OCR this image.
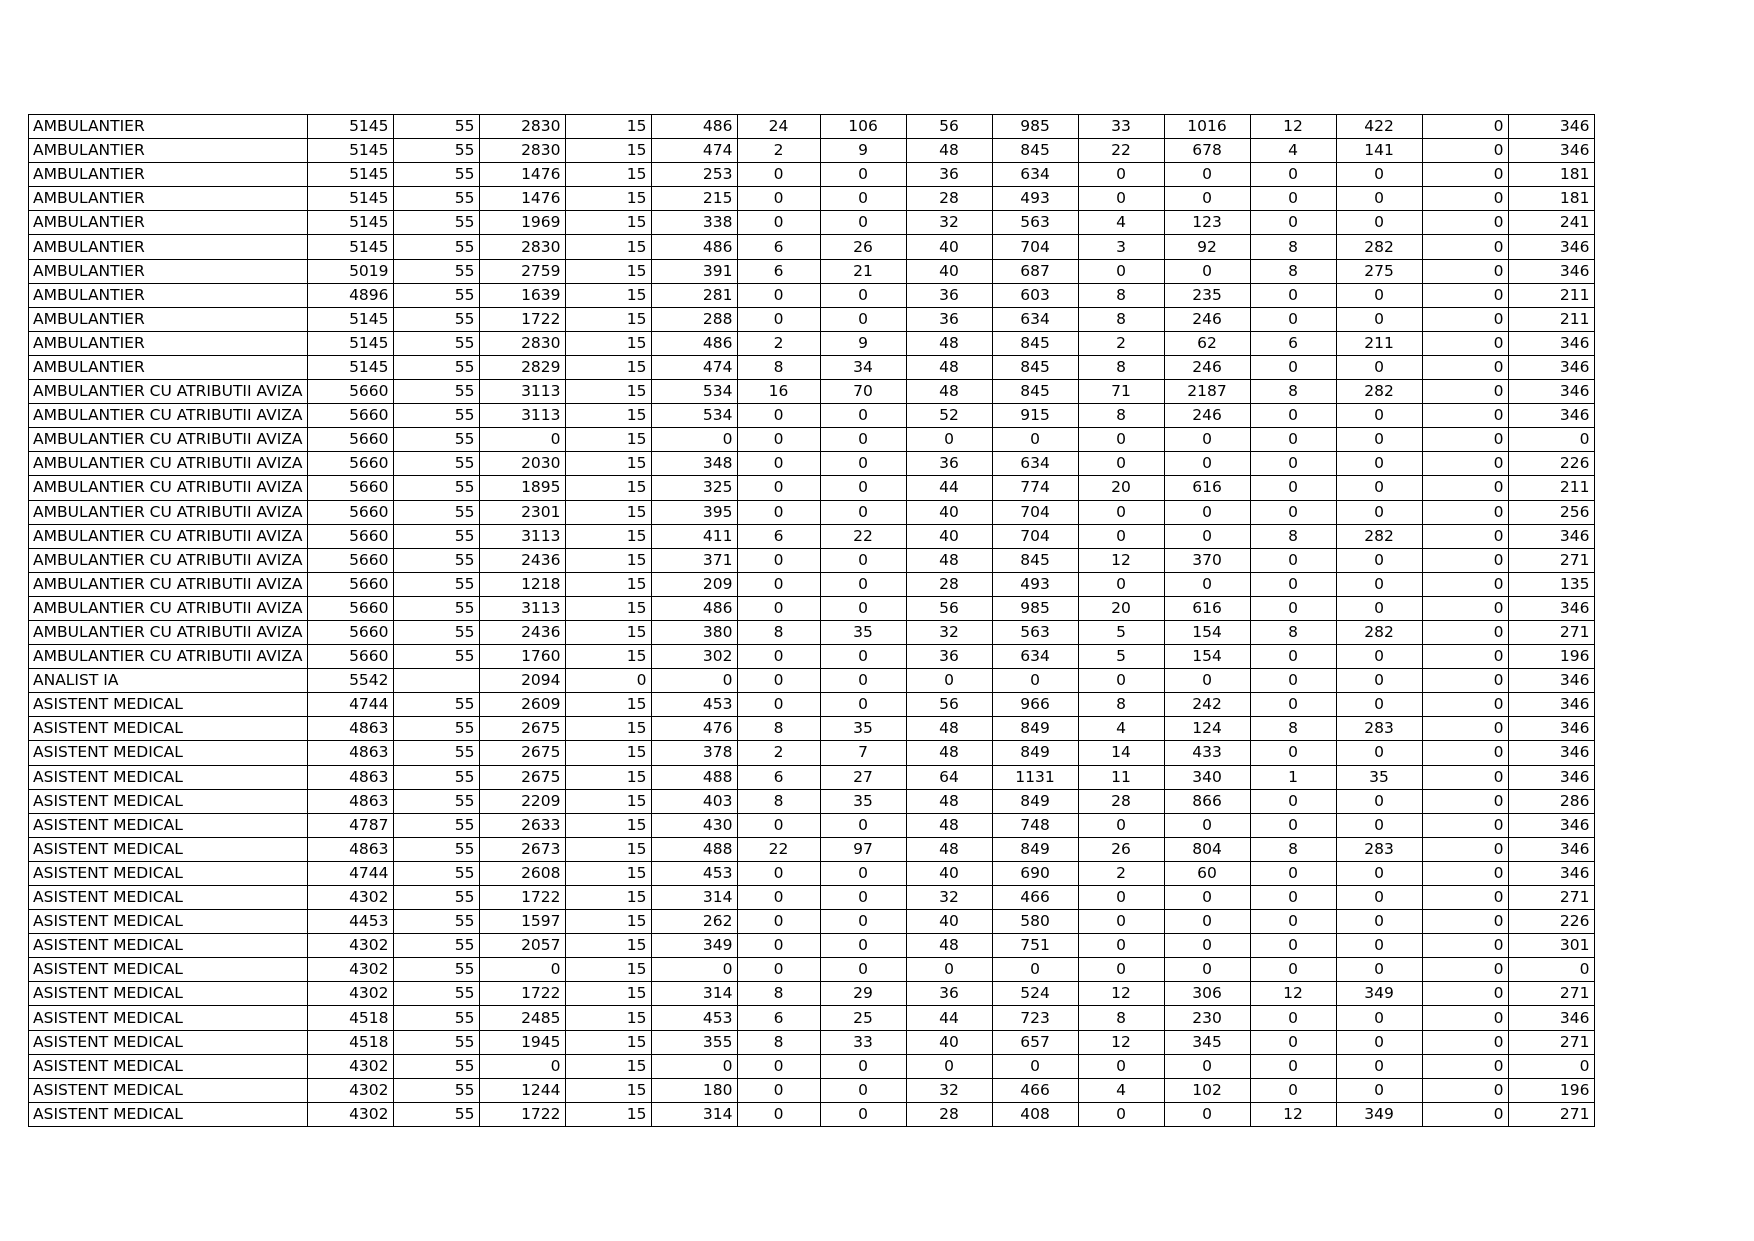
AMBULANTIER	5145	55	2830	15	486	24	106	56	985	33	1016	12	422	0	346
AMBULANTIER	5145	55	2830	15	474	2	9	48	845	22	678	4	141	0	346
AMBULANTIER	5145	55	1476	15	253	0	0	36	634	0	0	0	0	0	181
AMBULANTIER	5145	55	1476	15	215	0	0	28	493	0	0	0	0	0	181
AMBULANTIER	5145	55	1969	15	338	0	0	32	563	4	123	0	0	0	241
AMBULANTIER	5145	55	2830	15	486	6	26	40	704	3	92	8	282	0	346
AMBULANTIER	5019	55	2759	15	391	6	21	40	687	0	0	8	275	0	346
AMBULANTIER	4896	55	1639	15	281	0	0	36	603	8	235	0	0	0	211
AMBULANTIER	5145	55	1722	15	288	0	0	36	634	8	246	0	0	0	211
AMBULANTIER	5145	55	2830	15	486	2	9	48	845	2	62	6	211	0	346
AMBULANTIER	5145	55	2829	15	474	8	34	48	845	8	246	0	0	0	346
AMBULANTIER CU ATRIBUTII AVIZA	5660	55	3113	15	534	16	70	48	845	71	2187	8	282	0	346
AMBULANTIER CU ATRIBUTII AVIZA	5660	55	3113	15	534	0	0	52	915	8	246	0	0	0	346
AMBULANTIER CU ATRIBUTII AVIZA	5660	55	0	15	0	0	0	0	0	0	0	0	0	0	0
AMBULANTIER CU ATRIBUTII AVIZA	5660	55	2030	15	348	0	0	36	634	0	0	0	0	0	226
AMBULANTIER CU ATRIBUTII AVIZA	5660	55	1895	15	325	0	0	44	774	20	616	0	0	0	211
AMBULANTIER CU ATRIBUTII AVIZA	5660	55	2301	15	395	0	0	40	704	0	0	0	0	0	256
AMBULANTIER CU ATRIBUTII AVIZA	5660	55	3113	15	411	6	22	40	704	0	0	8	282	0	346
AMBULANTIER CU ATRIBUTII AVIZA	5660	55	2436	15	371	0	0	48	845	12	370	0	0	0	271
AMBULANTIER CU ATRIBUTII AVIZA	5660	55	1218	15	209	0	0	28	493	0	0	0	0	0	135
AMBULANTIER CU ATRIBUTII AVIZA	5660	55	3113	15	486	0	0	56	985	20	616	0	0	0	346
AMBULANTIER CU ATRIBUTII AVIZA	5660	55	2436	15	380	8	35	32	563	5	154	8	282	0	271
AMBULANTIER CU ATRIBUTII AVIZA	5660	55	1760	15	302	0	0	36	634	5	154	0	0	0	196
ANALIST IA	5542		2094	0	0	0	0	0	0	0	0	0	0	0	346
ASISTENT MEDICAL	4744	55	2609	15	453	0	0	56	966	8	242	0	0	0	346
ASISTENT MEDICAL	4863	55	2675	15	476	8	35	48	849	4	124	8	283	0	346
ASISTENT MEDICAL	4863	55	2675	15	378	2	7	48	849	14	433	0	0	0	346
ASISTENT MEDICAL	4863	55	2675	15	488	6	27	64	1131	11	340	1	35	0	346
ASISTENT MEDICAL	4863	55	2209	15	403	8	35	48	849	28	866	0	0	0	286
ASISTENT MEDICAL	4787	55	2633	15	430	0	0	48	748	0	0	0	0	0	346
ASISTENT MEDICAL	4863	55	2673	15	488	22	97	48	849	26	804	8	283	0	346
ASISTENT MEDICAL	4744	55	2608	15	453	0	0	40	690	2	60	0	0	0	346
ASISTENT MEDICAL	4302	55	1722	15	314	0	0	32	466	0	0	0	0	0	271
ASISTENT MEDICAL	4453	55	1597	15	262	0	0	40	580	0	0	0	0	0	226
ASISTENT MEDICAL	4302	55	2057	15	349	0	0	48	751	0	0	0	0	0	301
ASISTENT MEDICAL	4302	55	0	15	0	0	0	0	0	0	0	0	0	0	0
ASISTENT MEDICAL	4302	55	1722	15	314	8	29	36	524	12	306	12	349	0	271
ASISTENT MEDICAL	4518	55	2485	15	453	6	25	44	723	8	230	0	0	0	346
ASISTENT MEDICAL	4518	55	1945	15	355	8	33	40	657	12	345	0	0	0	271
ASISTENT MEDICAL	4302	55	0	15	0	0	0	0	0	0	0	0	0	0	0
ASISTENT MEDICAL	4302	55	1244	15	180	0	0	32	466	4	102	0	0	0	196
ASISTENT MEDICAL	4302	55	1722	15	314	0	0	28	408	0	0	12	349	0	271
